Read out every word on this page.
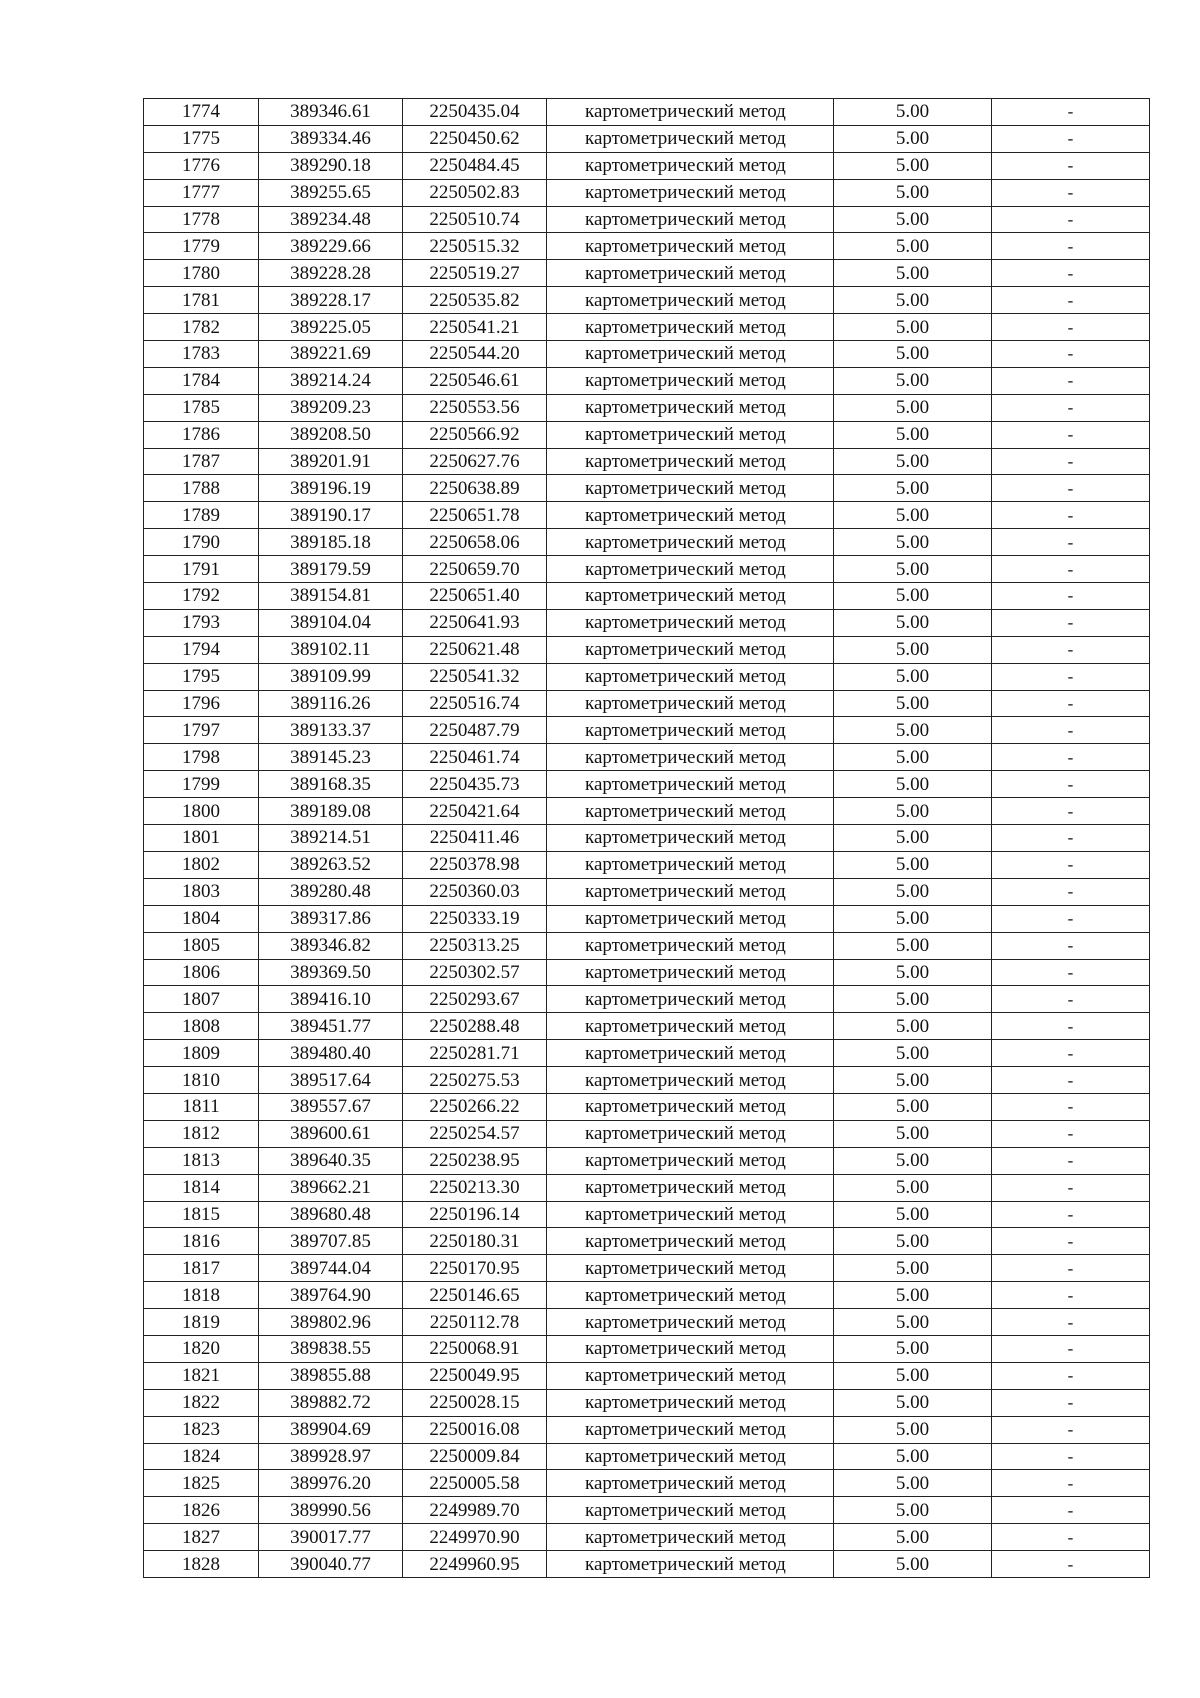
1774	389346.61	2250435.04	картометрический метод	5.00	-
1775	389334.46	2250450.62	картометрический метод	5.00	-
1776	389290.18	2250484.45	картометрический метод	5.00	-
1777	389255.65	2250502.83	картометрический метод	5.00	-
1778	389234.48	2250510.74	картометрический метод	5.00	-
1779	389229.66	2250515.32	картометрический метод	5.00	-
1780	389228.28	2250519.27	картометрический метод	5.00	-
1781	389228.17	2250535.82	картометрический метод	5.00	-
1782	389225.05	2250541.21	картометрический метод	5.00	-
1783	389221.69	2250544.20	картометрический метод	5.00	-
1784	389214.24	2250546.61	картометрический метод	5.00	-
1785	389209.23	2250553.56	картометрический метод	5.00	-
1786	389208.50	2250566.92	картометрический метод	5.00	-
1787	389201.91	2250627.76	картометрический метод	5.00	-
1788	389196.19	2250638.89	картометрический метод	5.00	-
1789	389190.17	2250651.78	картометрический метод	5.00	-
1790	389185.18	2250658.06	картометрический метод	5.00	-
1791	389179.59	2250659.70	картометрический метод	5.00	-
1792	389154.81	2250651.40	картометрический метод	5.00	-
1793	389104.04	2250641.93	картометрический метод	5.00	-
1794	389102.11	2250621.48	картометрический метод	5.00	-
1795	389109.99	2250541.32	картометрический метод	5.00	-
1796	389116.26	2250516.74	картометрический метод	5.00	-
1797	389133.37	2250487.79	картометрический метод	5.00	-
1798	389145.23	2250461.74	картометрический метод	5.00	-
1799	389168.35	2250435.73	картометрический метод	5.00	-
1800	389189.08	2250421.64	картометрический метод	5.00	-
1801	389214.51	2250411.46	картометрический метод	5.00	-
1802	389263.52	2250378.98	картометрический метод	5.00	-
1803	389280.48	2250360.03	картометрический метод	5.00	-
1804	389317.86	2250333.19	картометрический метод	5.00	-
1805	389346.82	2250313.25	картометрический метод	5.00	-
1806	389369.50	2250302.57	картометрический метод	5.00	-
1807	389416.10	2250293.67	картометрический метод	5.00	-
1808	389451.77	2250288.48	картометрический метод	5.00	-
1809	389480.40	2250281.71	картометрический метод	5.00	-
1810	389517.64	2250275.53	картометрический метод	5.00	-
1811	389557.67	2250266.22	картометрический метод	5.00	-
1812	389600.61	2250254.57	картометрический метод	5.00	-
1813	389640.35	2250238.95	картометрический метод	5.00	-
1814	389662.21	2250213.30	картометрический метод	5.00	-
1815	389680.48	2250196.14	картометрический метод	5.00	-
1816	389707.85	2250180.31	картометрический метод	5.00	-
1817	389744.04	2250170.95	картометрический метод	5.00	-
1818	389764.90	2250146.65	картометрический метод	5.00	-
1819	389802.96	2250112.78	картометрический метод	5.00	-
1820	389838.55	2250068.91	картометрический метод	5.00	-
1821	389855.88	2250049.95	картометрический метод	5.00	-
1822	389882.72	2250028.15	картометрический метод	5.00	-
1823	389904.69	2250016.08	картометрический метод	5.00	-
1824	389928.97	2250009.84	картометрический метод	5.00	-
1825	389976.20	2250005.58	картометрический метод	5.00	-
1826	389990.56	2249989.70	картометрический метод	5.00	-
1827	390017.77	2249970.90	картометрический метод	5.00	-
1828	390040.77	2249960.95	картометрический метод	5.00	-
